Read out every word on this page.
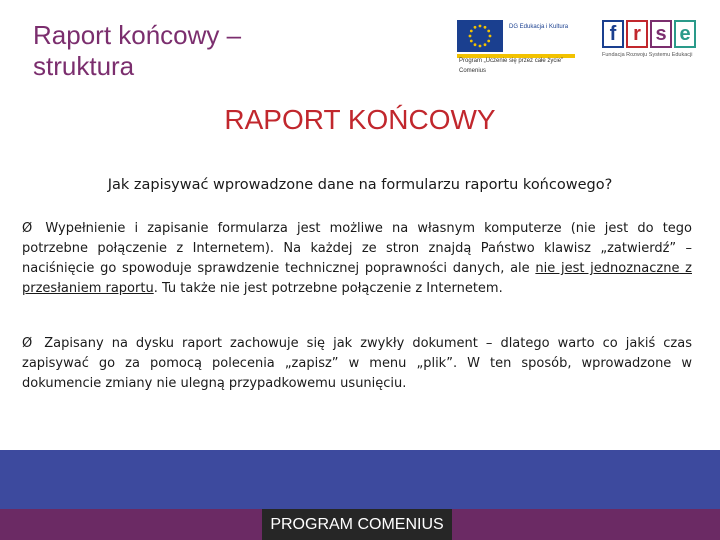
Raport końcowy –
struktura
DG Edukacja i Kultura
Program „Uczenie się przez całe życie”
Comenius
f r s e
Fundacja Rozwoju Systemu Edukacji
RAPORT KOŃCOWY
Jak zapisywać wprowadzone dane na formularzu raportu końcowego?
Ø Wypełnienie i zapisanie formularza jest możliwe na własnym komputerze (nie jest do tego potrzebne połączenie z Internetem). Na każdej ze stron znajdą Państwo klawisz „zatwierdź” – naciśnięcie go spowoduje sprawdzenie technicznej poprawności danych, ale nie jest jednoznaczne z przesłaniem raportu. Tu także nie jest potrzebne połączenie z Internetem.
Ø Zapisany na dysku raport zachowuje się jak zwykły dokument – dlatego warto co jakiś czas zapisywać go za pomocą polecenia „zapisz” w menu „plik”. W ten sposób, wprowadzone w dokumencie zmiany nie ulegną przypadkowemu usunięciu.
PROGRAM COMENIUS
